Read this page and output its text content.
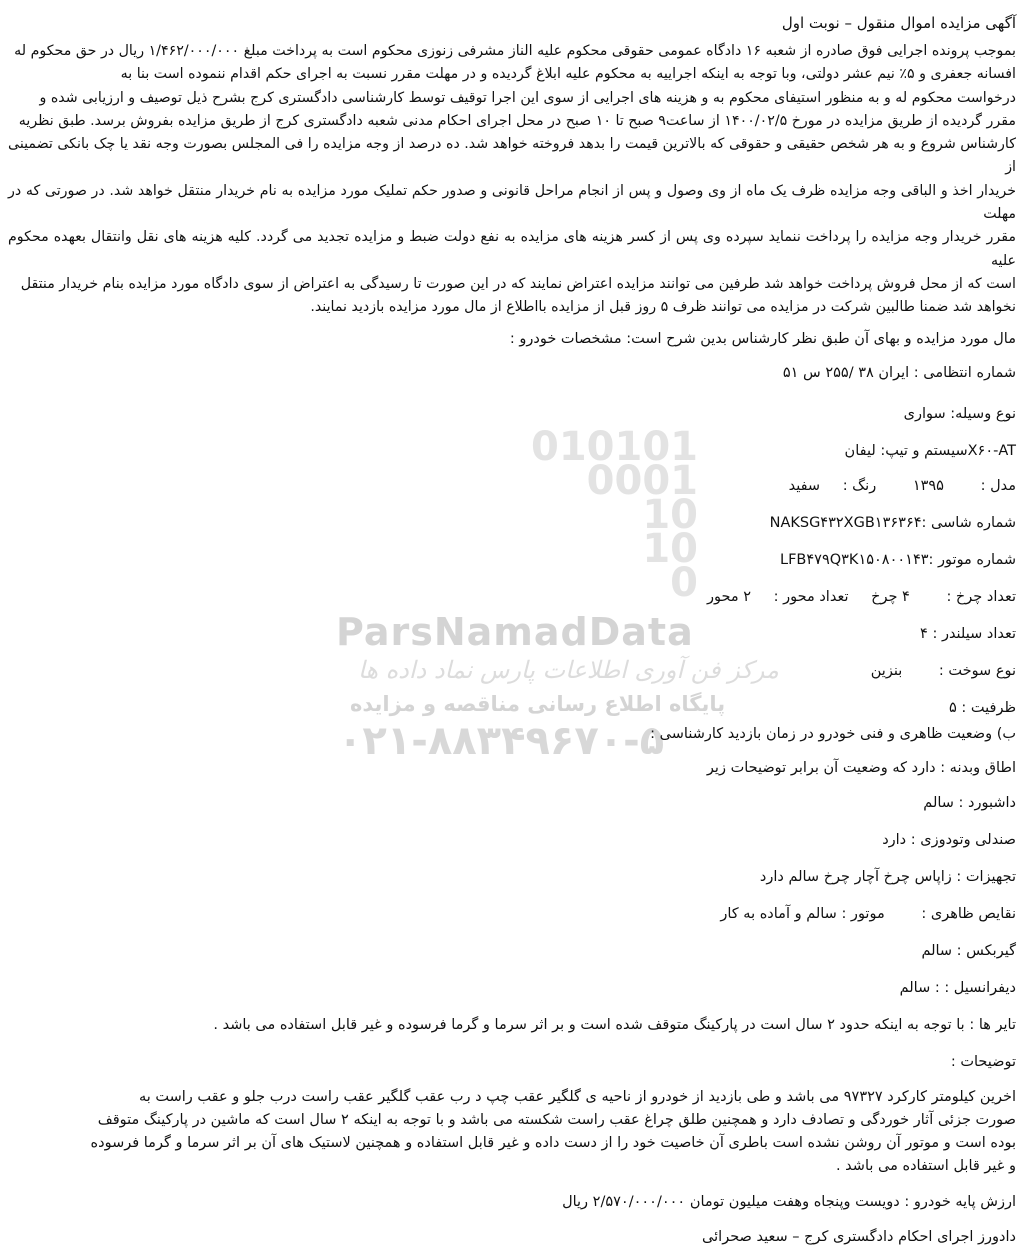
010101
0001
10
10
0
ParsNamadData
مرکز فن آوری اطلاعات پارس نماد داده ها
پایگاه اطلاع رسانی مناقصه و مزایده
۰۲۱-۸۸۳۴۹۶۷۰-۵
آگهی مزایده اموال منقول – نوبت اول
بموجب پرونده اجرایی فوق صادره از شعبه ۱۶ دادگاه عمومی حقوقی محکوم علیه الناز مشرفی زنوزی محکوم است به پرداخت مبلغ ۱/۴۶۲/۰۰۰/۰۰۰ ریال در حق محکوم له
افسانه جعفری و ۵٪ نیم عشر دولتی، وبا توجه به اینکه اجراییه به محکوم علیه ابلاغ گردیده و در مهلت مقرر نسبت به اجرای حکم اقدام ننموده است بنا به
درخواست محکوم له و به منظور استیفای محکوم به و هزینه های اجرایی از سوی این اجرا توقیف توسط کارشناسی دادگستری کرج بشرح ذیل توصیف و ارزیابی شده و
مقرر گردیده از طریق مزایده در مورخ ۱۴۰۰/۰۲/۵ از ساعت۹ صبح تا ۱۰ صبح در محل اجرای احکام مدنی شعبه دادگستری کرج از طریق مزایده بفروش برسد. طبق نظریه
کارشناس شروع و به هر شخص حقیقی و حقوقی که بالاترین قیمت را بدهد فروخته خواهد شد. ده درصد از وجه مزایده را فی المجلس بصورت وجه نقد یا چک بانکی تضمینی از
خریدار اخذ و الباقی وجه مزایده ظرف یک ماه از وی وصول و پس از انجام مراحل قانونی و صدور حکم تملیک مورد مزایده به نام خریدار منتقل خواهد شد. در صورتی که در مهلت
مقرر خریدار وجه مزایده را پرداخت ننماید سپرده وی پس از کسر هزینه های مزایده به نفع دولت ضبط و مزایده تجدید می گردد. کلیه هزینه های نقل وانتقال بعهده محکوم علیه
است که از محل فروش پرداخت خواهد شد طرفین می توانند مزایده اعتراض نمایند که در این صورت تا رسیدگی به اعتراض از سوی دادگاه مورد مزایده بنام خریدار منتقل
نخواهد شد ضمنا طالبین شرکت در مزایده می توانند ظرف ۵ روز قبل از مزایده بااطلاع از مال مورد مزایده بازدید نمایند.
مال مورد مزایده و بهای آن طبق نظر کارشناس بدین شرح است: مشخصات خودرو :
شماره انتظامی : ایران ۳۸ /۲۵۵ س ۵۱
نوع وسیله: سواری
X۶۰-ATسیستم و تیپ: لیفان
مدل : ۱۳۹۵ رنگ : سفید
شماره شاسی :NAKSG۴۳۲XGB۱۳۶۳۶۴
شماره موتور :LFB۴۷۹Q۳K۱۵۰۸۰۰۱۴۳
تعداد چرخ : ۴ چرخ تعداد محور : ۲ محور
تعداد سیلندر : ۴
نوع سوخت : بنزین
ظرفیت : ۵
ب) وضعیت ظاهری و فنی خودرو در زمان بازدید کارشناسی :
اطاق وبدنه : دارد که وضعیت آن برابر توضیحات زیر
داشبورد : سالم
صندلی وتودوزی : دارد
تجهیزات : زاپاس چرخ آچار چرخ سالم دارد
نقایص ظاهری : موتور : سالم و آماده به کار
گیربکس : سالم
دیفرانسیل : : سالم
تایر ها : با توجه به اینکه حدود ۲ سال است در پارکینگ متوقف شده است و بر اثر سرما و گرما فرسوده و غیر قابل استفاده می باشد .
توضیحات :
اخرین کیلومتر کارکرد ۹۷۳۲۷ می باشد و طی بازدید از خودرو از ناحیه ی گلگیر عقب چپ د رب عقب گلگیر عقب راست درب جلو و عقب راست به
صورت جزئی آثار خوردگی و تصادف دارد و همچنین طلق چراغ عقب راست شکسته می باشد و با توجه به اینکه ۲ سال است که ماشین در پارکینگ متوقف
بوده است و موتور آن روشن نشده است باطری آن خاصیت خود را از دست داده و غیر قابل استفاده و همچنین لاستیک های آن بر اثر سرما و گرما فرسوده
و غیر قابل استفاده می باشد .
ارزش پایه خودرو : دویست وپنجاه وهفت میلیون تومان ۲/۵۷۰/۰۰۰/۰۰۰ ریال
دادورز اجرای احکام دادگستری کرج – سعید صحرائی
